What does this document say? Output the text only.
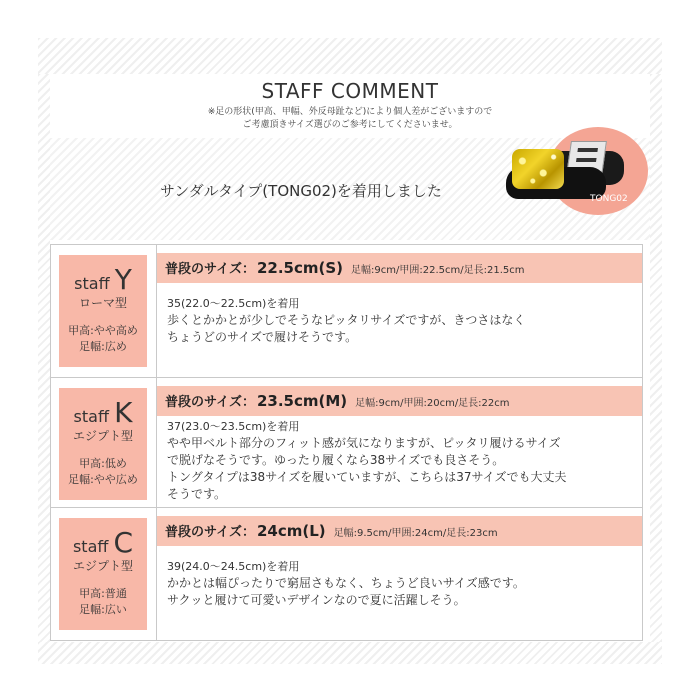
STAFF COMMENT
※足の形状(甲高、甲幅、外反母趾など)により個人差がございますので
ご考慮頂きサイズ選びのご参考にしてくださいませ。
サンダルタイプ(TONG02)を着用しました	TONG02
staff Y
ローマ型
甲高:やや高め
足幅:広め
普段のサイズ： 22.5cm(S) 足幅:9cm/甲囲:22.5cm/足長:21.5cm
35(22.0〜22.5cm)を着用
歩くとかかとが少しでそうなピッタリサイズですが、きつさはなく
ちょうどのサイズで履けそうです。
staff K
エジプト型
甲高:低め
足幅:やや広め
普段のサイズ： 23.5cm(M) 足幅:9cm/甲囲:20cm/足長:22cm
37(23.0〜23.5cm)を着用
やや甲ベルト部分のフィット感が気になりますが、ピッタリ履けるサイズ
で脱げなそうです。ゆったり履くなら38サイズでも良さそう。
トングタイプは38サイズを履いていますが、こちらは37サイズでも大丈夫
そうです。
staff C
エジプト型
甲高:普通
足幅:広い
普段のサイズ： 24cm(L) 足幅:9.5cm/甲囲:24cm/足長:23cm
39(24.0〜24.5cm)を着用
かかとは幅ぴったりで窮屈さもなく、ちょうど良いサイズ感です。
サクッと履けて可愛いデザインなので夏に活躍しそう。
